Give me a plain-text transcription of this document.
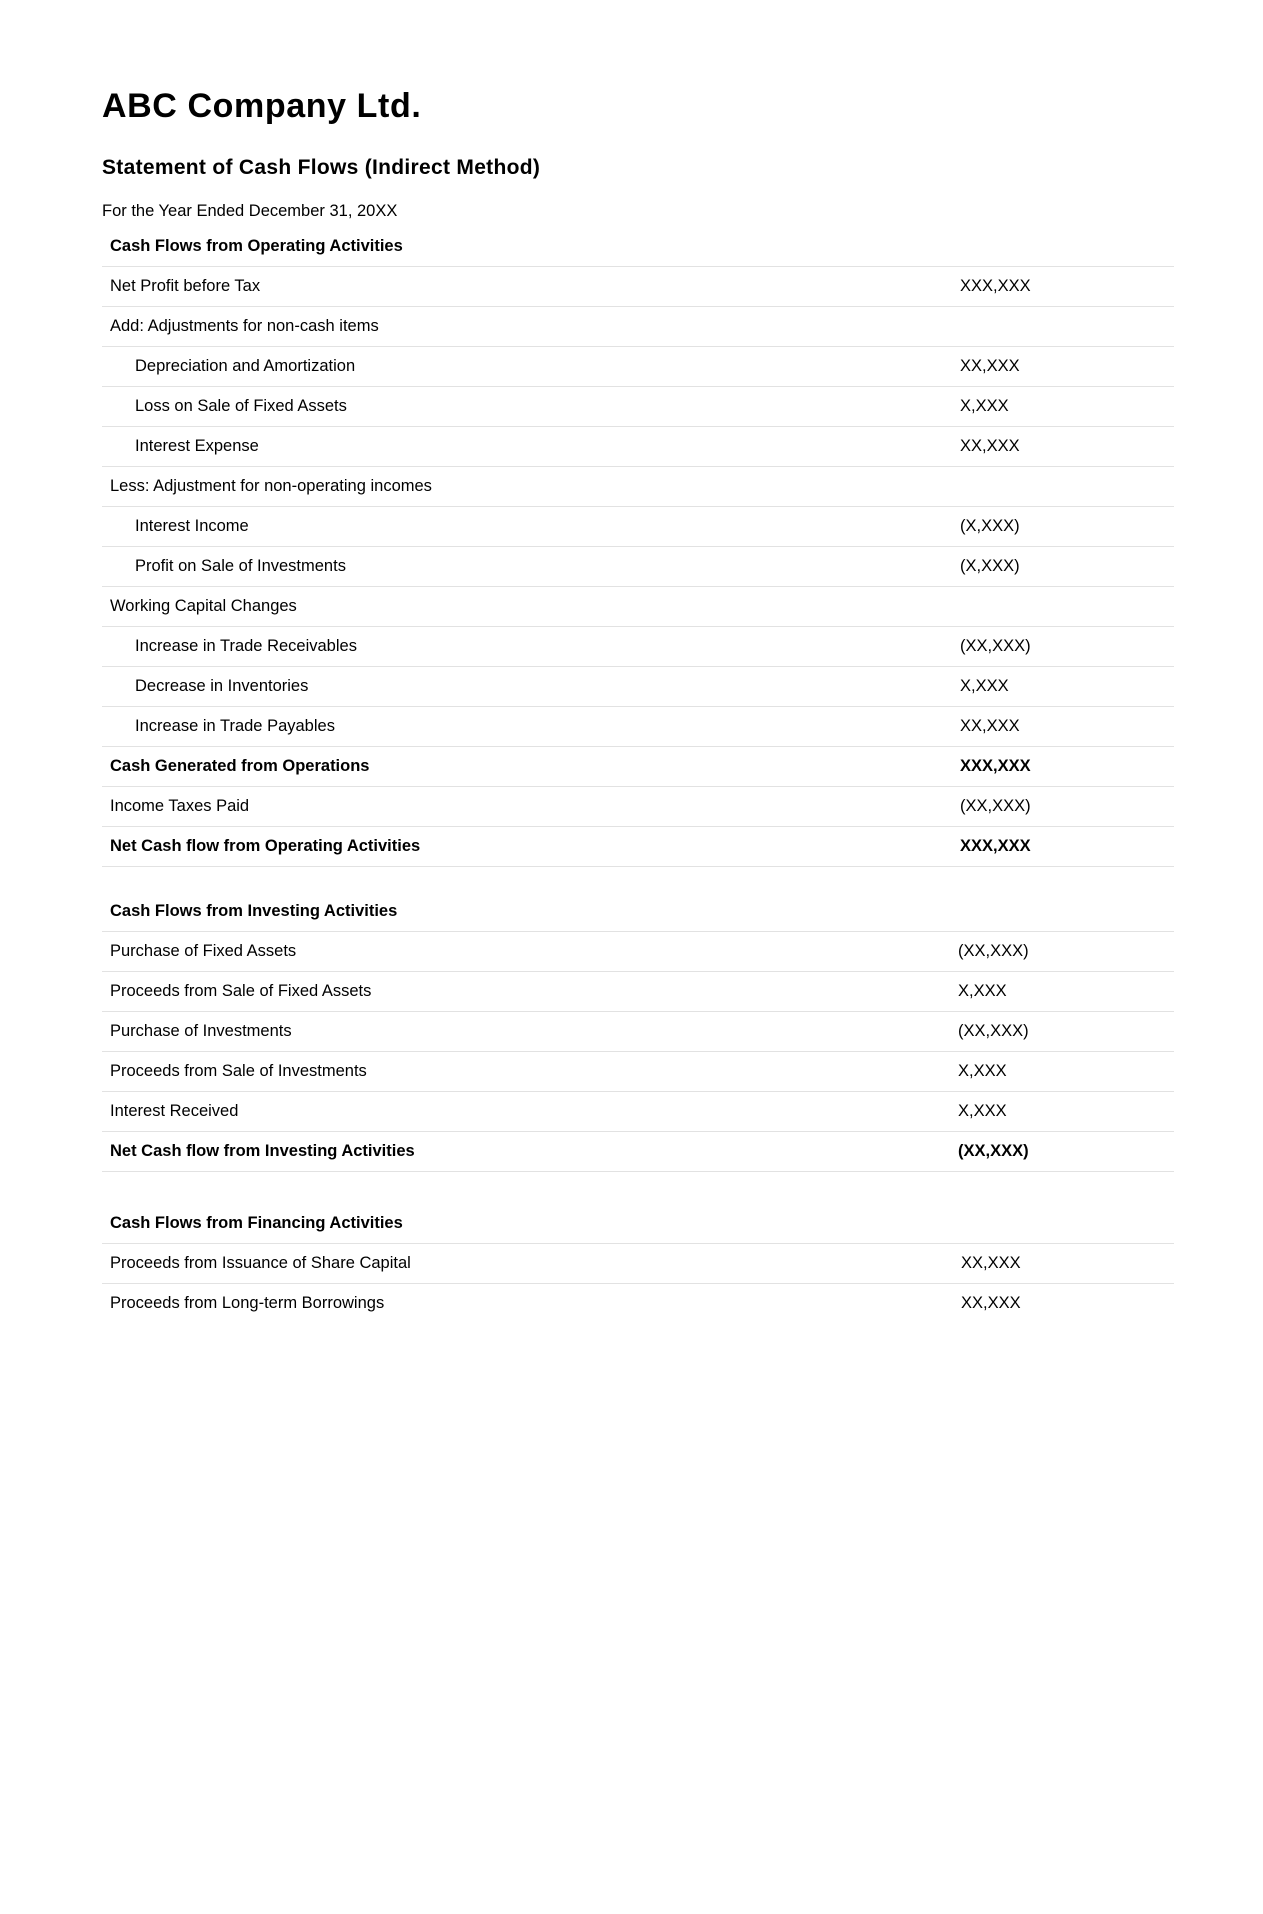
ABC Company Ltd.
Statement of Cash Flows (Indirect Method)
For the Year Ended December 31, 20XX
Cash Flows from Operating Activities	
Net Profit before Tax	XXX,XXX
Add: Adjustments for non-cash items	
Depreciation and Amortization	XX,XXX
Loss on Sale of Fixed Assets	X,XXX
Interest Expense	XX,XXX
Less: Adjustment for non-operating incomes	
Interest Income	(X,XXX)
Profit on Sale of Investments	(X,XXX)
Working Capital Changes	
Increase in Trade Receivables	(XX,XXX)
Decrease in Inventories	X,XXX
Increase in Trade Payables	XX,XXX
Cash Generated from Operations	XXX,XXX
Income Taxes Paid	(XX,XXX)
Net Cash flow from Operating Activities	XXX,XXX
Cash Flows from Investing Activities	
Purchase of Fixed Assets	(XX,XXX)
Proceeds from Sale of Fixed Assets	X,XXX
Purchase of Investments	(XX,XXX)
Proceeds from Sale of Investments	X,XXX
Interest Received	X,XXX
Net Cash flow from Investing Activities	(XX,XXX)
Cash Flows from Financing Activities	
Proceeds from Issuance of Share Capital	XX,XXX
Proceeds from Long-term Borrowings	XX,XXX
